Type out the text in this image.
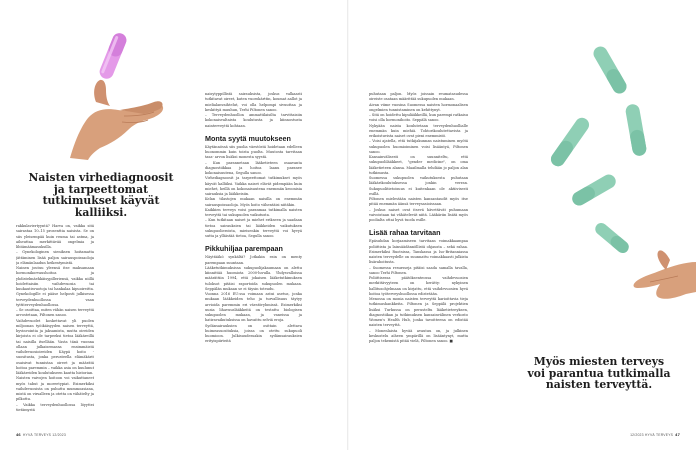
Naisten virhediagnoosit ja tarpeettomat tutkimukset käyvät kalliiksi.

rakkulaviertyyntä? Harva on, vaikka sitä sairastaa 10–15 prosenttia naisista. Se on siis yleisempää kuin reuma tai astma, ja aiheuttaa merkittävää ongelmia ja lihtämäämasuksilla.

– Gynekologinen sieniksen hoitamatta jättäminen lisää paljon sairauspoissaoloja ja elämänlaadun heikentymistä.

Nainen joutuu yleensä itse maksamaan hormonikorvaushoitoa ja yhdistelmäehkäisypilleriensä, vaikka niillä hoidettaisiin vaihdevuosia tai kuukautisvuotoja tai hankalaa kipuoireitta. Gynekologille ei pääse helposti julkisessa terveydenhuollossa vaan tyttiterveydenhuollossa.

– Se osoittaa, miten vähän naisen terveyttä arvostetaan, Piltonen sanoo.

Vaihdevuodet koskettavat yli puolen miljoonan työikäisyyden naisen terveyttä, hyvinvointia ja jaksamista, mutta oireiden kirjoista ei ole tarpeeksi tietoa lääkäreillä tai naisilla itsellään. Vasta tänä vuonna ollaan julkaisemassa ensimmäistä vaihdevuosioireiden Käypä hoito -suositusta, jonka perusteella elämäkärit osaisivat tunnistaa oireet ja määrätä hoitoa paremmin – vaikka asia on kuulunut lääkäreiden koulutukseen kautta historian.

Naisten vaivojen hoitoon voi vaikuttaneet myös tabut ja moreetypiat. Esimerkiksi vaihdevuosista on puhuttu mummoasiana, mistä on virsalleen ja otetta on vähätelty ja pilkottu.

– Vaikka terveydenhuollossa löyyttei tietämystä

naisytyppillistä sairauksista, joskus valkaasti tutkitavat oireet, kuten vuorokärttin, koumat aallot ja mielialanvaihtelut, voi olla helpompi sivuuttaa ja keskittyä muuhun, Terhi Piltonen sanoo.

– Terveydenhuollon ammattilaisilta tarvittaisiin kokonaisvaltaista koulutusta ja kiinnostusta nainterveyttä kohtaan.

Monta syytä muutokseen

Käytännössä siis puolia väestöstä hoidetaan edelleen huonommin kuin toista puolta. Muutosta tarvitaan tasa- arvon lisäksi monesta syystä.

– Kun parannetaan lääketieteen osaavanta diagnostiikkaa ja hoitoa laanu paranee kokonaisuutena, Segulla sanoo.

Virhediagnoosit ja tarpeettomat tutkimukset myös käyvät kalliiksi. Vaikka naiset elävät pidempään kuin miehet, heillä on kokonaisuutena enemmän kroonisia sairauksia ja lääkkeisiin.

Kelan tilastojen mukaan naisilla on enemmän sairauspoissaoloja. Myös hoito vähentäisi niitäkin.

Kaikkien terveys voisi paranmaa tutkimalla naisten terveyttä tai sukupuolen vaikutusta.

– Kun tutkitaan naiset ja miehet erikseen ja saadaan tietoa sairauksien tai lääkkeiden vaikutuksen sukupuolieroista, mieisenkin terveyttä voi hyvyä sutta ja ylläistää tietoa, Segulla sanoo.

Pikkuhiljaa parempaan

Näyttääkö synkältä? Jotkakin esin on menty parempaan suuntaan.

Lääketutkimuksissa sukupuolijakaumaan on alettu kiinnittää huomiota 2000-luvulla. Yhdysvalloissa määrättiin 1994, että jokaisen lääketutkimuksen tuloksot pitäisi raportoida sukupuolen mukaan. Seppälän mukaan se ei täysin toteudu.

Vuonna 2016 EU:ssa voimaan astui asetus, jonka mukaan lääkkeiden teho ja turvallisuus täytyy arvioida paremmin eri väestöryhmissä. Esimerkiksi uusia lihavuuslääkkeitä on testattu biologisen sukupuolen mukaan, ja vaneissa ja hatiravaikutuksissa on havaittu selviä eroja.

Sydänsairauksien on osittain alettava huimeasuosituksia, joissa on otettu sukupuoli huomioon. Julkisuudessakin sydämsairauksien erityispiirteitä

puhutaan paljon. Myös joissain reumatasudessa oireiste osataan määrittää sukupuolen mukaan.

Aivan viime vuosina Suomessa naisten hormonaalisen ongelmien tunnistaminen on kehittynyt.

– Sitä on hoidettu kipulääkkeillä, kun parempi ratkaisu voisi olla hormonihoito. Seppälä sanoo.

Nykyään naista koulutetaan terveydenhuollialle enemmän kuin miehiä. Tohtorikoulutettavista ja erikoistuvista naiset ovat pieni enemmistö.

– Voisi ajatella, että tutkijakunnan naistuminen myötä sukupuolen huomioiminen voisi lisääntyä, Piltonen sanoo.

Kansainvälisesti on suunniteltu, että sukupuolilääkkeet, "gender medicine", on oma lääketieteen alansa. Maailmalla tehdään jo paljon alan tutkimusta.

Suomessa sukupuolen vaikutuksesta puhutaan lääkärikoulutuksessa jonkin verran. Sukupuolitietoisuus ei kuitenkaan ole aktiivisesti esillä.

Piltonen mielestään naisten kansantaudit myös itse pitää enemmän äänsä terveysasioissaan.

– Joskus naiset ovat itsevä hävettävät puhumaan vaivoistaan tai vähätelevät niitä. Lääkäriin lisätä myös poolialta ottai hyvä tuoda esille.

Lisää rahaa tarvitaan

Epäsuhdan korjaamiseen tarvitaan voimakkaampaa poliittista ja lainsäädännöllistä ohjausta – sekä rahaa. Esimerkiksi Ruotsissa, Tanskassa ja Iso-Britanniassa naisten terveydelle on suunnattu voimakkaasti julkista lisärahoitusta.

– Suomessa resursseja pitäisi saada samalla tavalla, sanoo Terhi Piltonen.

Poliittisessa päätöksenteossa vaihdevuosien merkittävyyteen on herätty: nykyinen hallitusohjelmaan on kirjattu, että vaihdevuosien hyvä hoitoa työterveyshuollossa edistetään.

Menossa on monia naisten terveyttä karioittavia tieja tutkimushankkeita. Piltonen ja Seppälä projektien lisäksi Turkussa on perusteltu lääketieteeyksen, diagnostiikan ja tutkimuksen kansainvälinen verkosto Women's Health Hub, jonka tavoitteena on edistää naisten terveyttä.

– Monenlaista hyvää avautuu on, ja julkinen keskustelu aiheen ympärillä on lisääntynyt, mutta paljon tekemistä pitää vielä, Piltonen sanoo. ■

Myös miesten terveys voi parantua tutkimalla naisten terveyttä.
46 HYVÄ TERVEYS 12/2023	12/2023 HYVÄ TERVEYS 47
